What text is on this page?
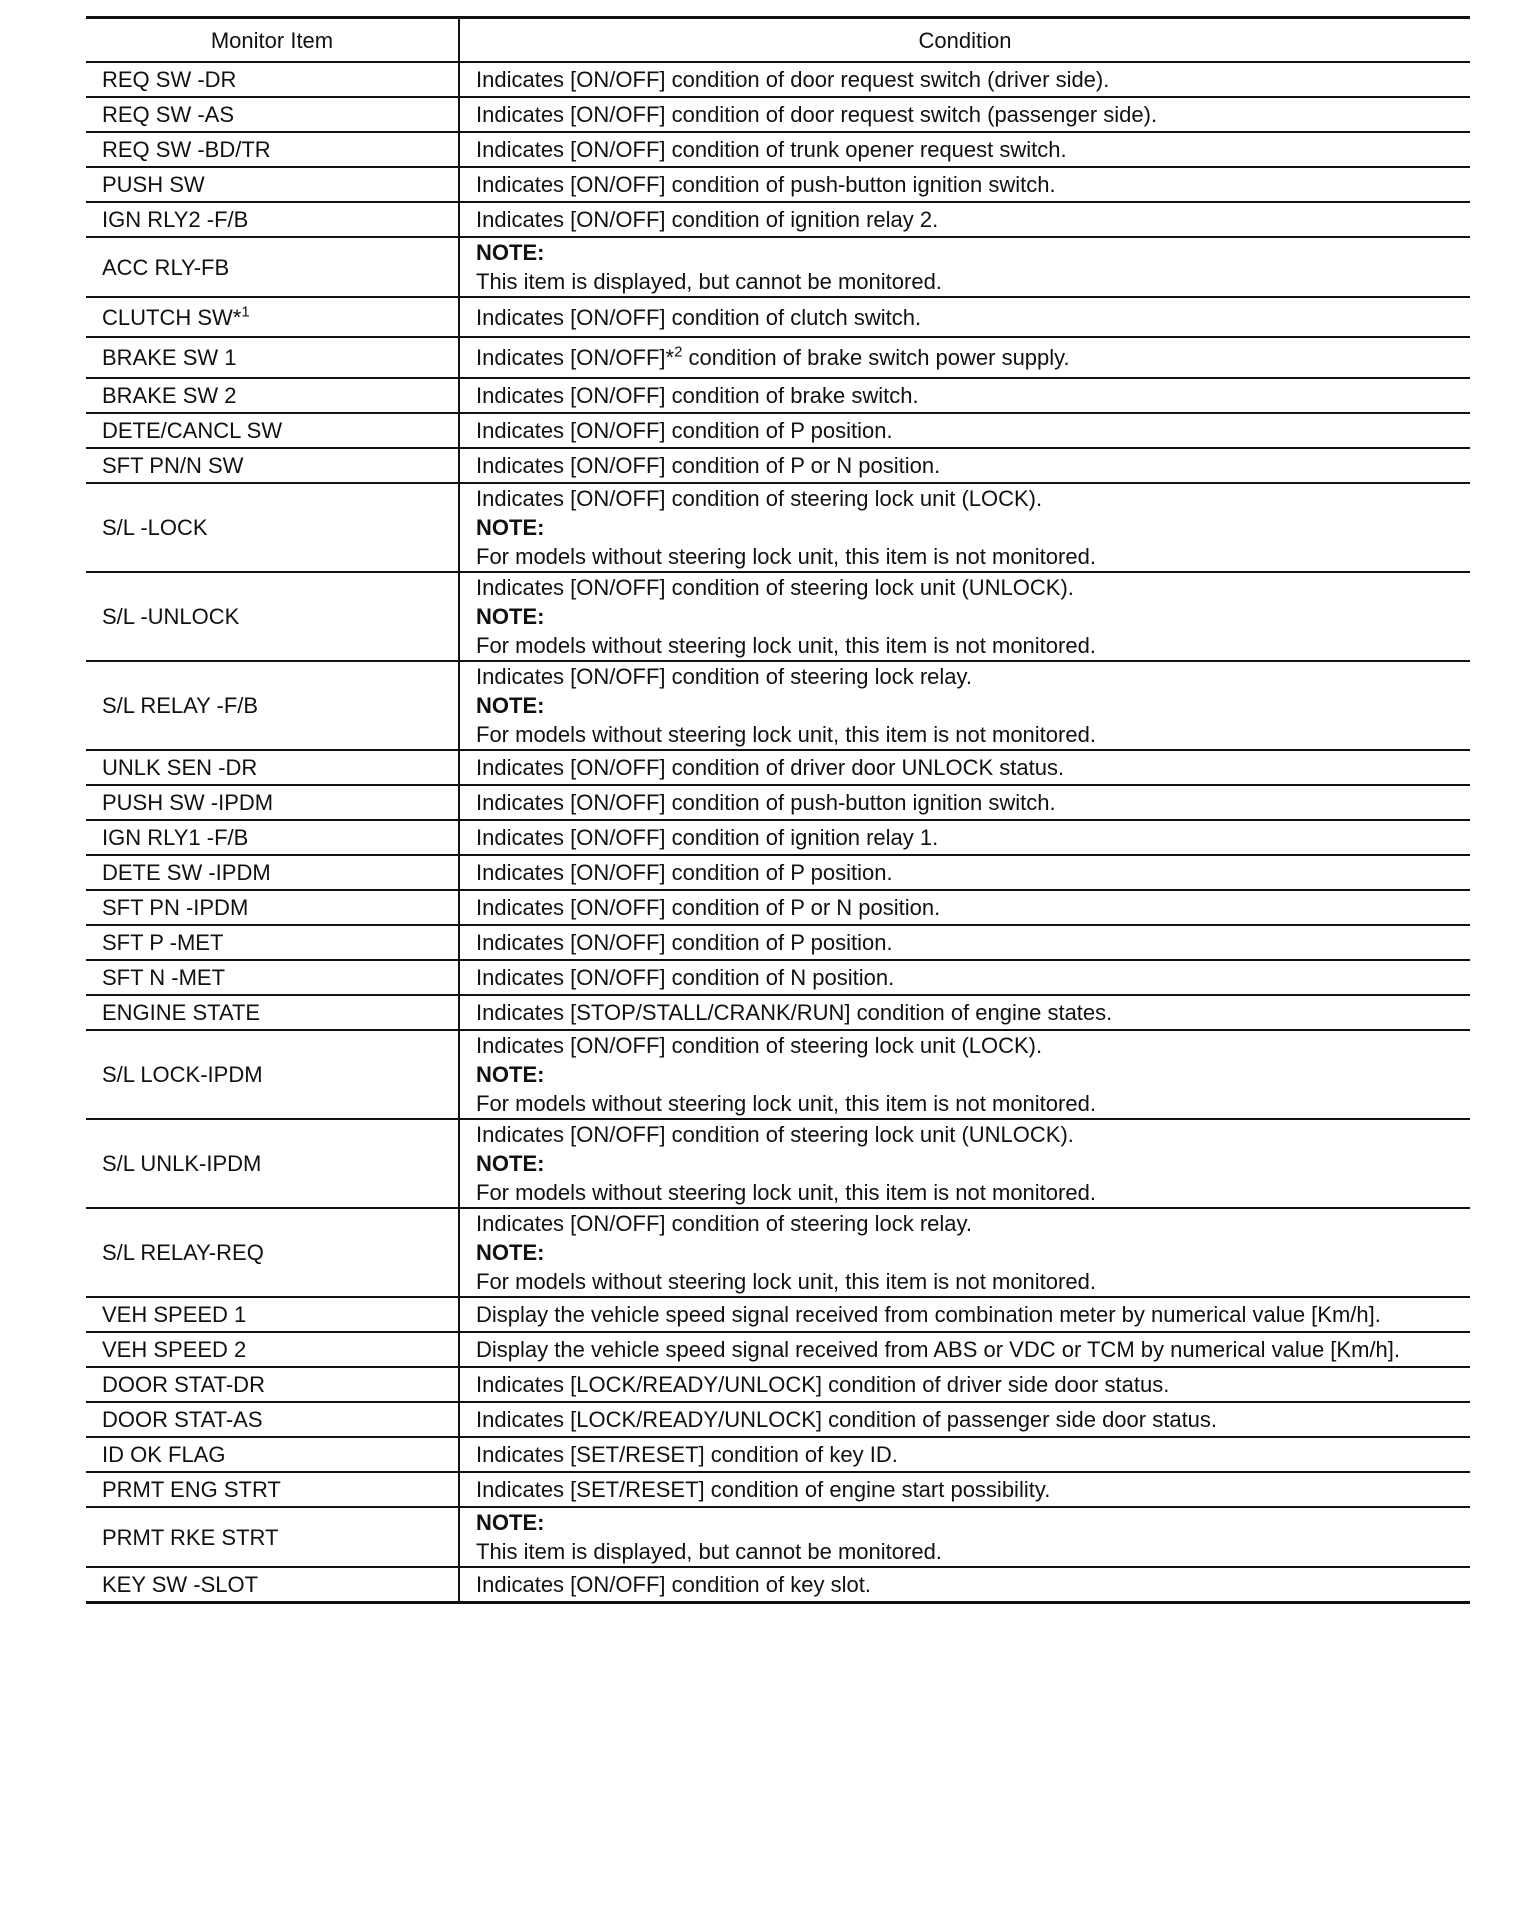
Monitor Item	Condition
REQ SW -DR	Indicates [ON/OFF] condition of door request switch (driver side).

REQ SW -AS	Indicates [ON/OFF] condition of door request switch (passenger side).

REQ SW -BD/TR	Indicates [ON/OFF] condition of trunk opener request switch.

PUSH SW	Indicates [ON/OFF] condition of push-button ignition switch.

IGN RLY2 -F/B	Indicates [ON/OFF] condition of ignition relay 2.

ACC RLY-FB	NOTE:
This item is displayed, but cannot be monitored.

CLUTCH SW*$^1$	Indicates [ON/OFF] condition of clutch switch.

BRAKE SW 1	Indicates [ON/OFF]*$^2$ condition of brake switch power supply.

BRAKE SW 2	Indicates [ON/OFF] condition of brake switch.

DETE/CANCL SW	Indicates [ON/OFF] condition of P position.

SFT PN/N SW	Indicates [ON/OFF] condition of P or N position.

S/L -LOCK	Indicates [ON/OFF] condition of steering lock unit (LOCK).
NOTE:
For models without steering lock unit, this item is not monitored.

S/L -UNLOCK	Indicates [ON/OFF] condition of steering lock unit (UNLOCK).
NOTE:
For models without steering lock unit, this item is not monitored.

S/L RELAY -F/B	Indicates [ON/OFF] condition of steering lock relay.
NOTE:
For models without steering lock unit, this item is not monitored.

UNLK SEN -DR	Indicates [ON/OFF] condition of driver door UNLOCK status.

PUSH SW -IPDM	Indicates [ON/OFF] condition of push-button ignition switch.

IGN RLY1 -F/B	Indicates [ON/OFF] condition of ignition relay 1.

DETE SW -IPDM	Indicates [ON/OFF] condition of P position.

SFT PN -IPDM	Indicates [ON/OFF] condition of P or N position.

SFT P -MET	Indicates [ON/OFF] condition of P position.

SFT N -MET	Indicates [ON/OFF] condition of N position.

ENGINE STATE	Indicates [STOP/STALL/CRANK/RUN] condition of engine states.

S/L LOCK-IPDM	Indicates [ON/OFF] condition of steering lock unit (LOCK).
NOTE:
For models without steering lock unit, this item is not monitored.

S/L UNLK-IPDM	Indicates [ON/OFF] condition of steering lock unit (UNLOCK).
NOTE:
For models without steering lock unit, this item is not monitored.

S/L RELAY-REQ	Indicates [ON/OFF] condition of steering lock relay.
NOTE:
For models without steering lock unit, this item is not monitored.

VEH SPEED 1	Display the vehicle speed signal received from combination meter by numerical value [Km/h].

VEH SPEED 2	Display the vehicle speed signal received from ABS or VDC or TCM by numerical value [Km/h].

DOOR STAT-DR	Indicates [LOCK/READY/UNLOCK] condition of driver side door status.

DOOR STAT-AS	Indicates [LOCK/READY/UNLOCK] condition of passenger side door status.

ID OK FLAG	Indicates [SET/RESET] condition of key ID.

PRMT ENG STRT	Indicates [SET/RESET] condition of engine start possibility.

PRMT RKE STRT	NOTE:
This item is displayed, but cannot be monitored.

KEY SW -SLOT	Indicates [ON/OFF] condition of key slot.
